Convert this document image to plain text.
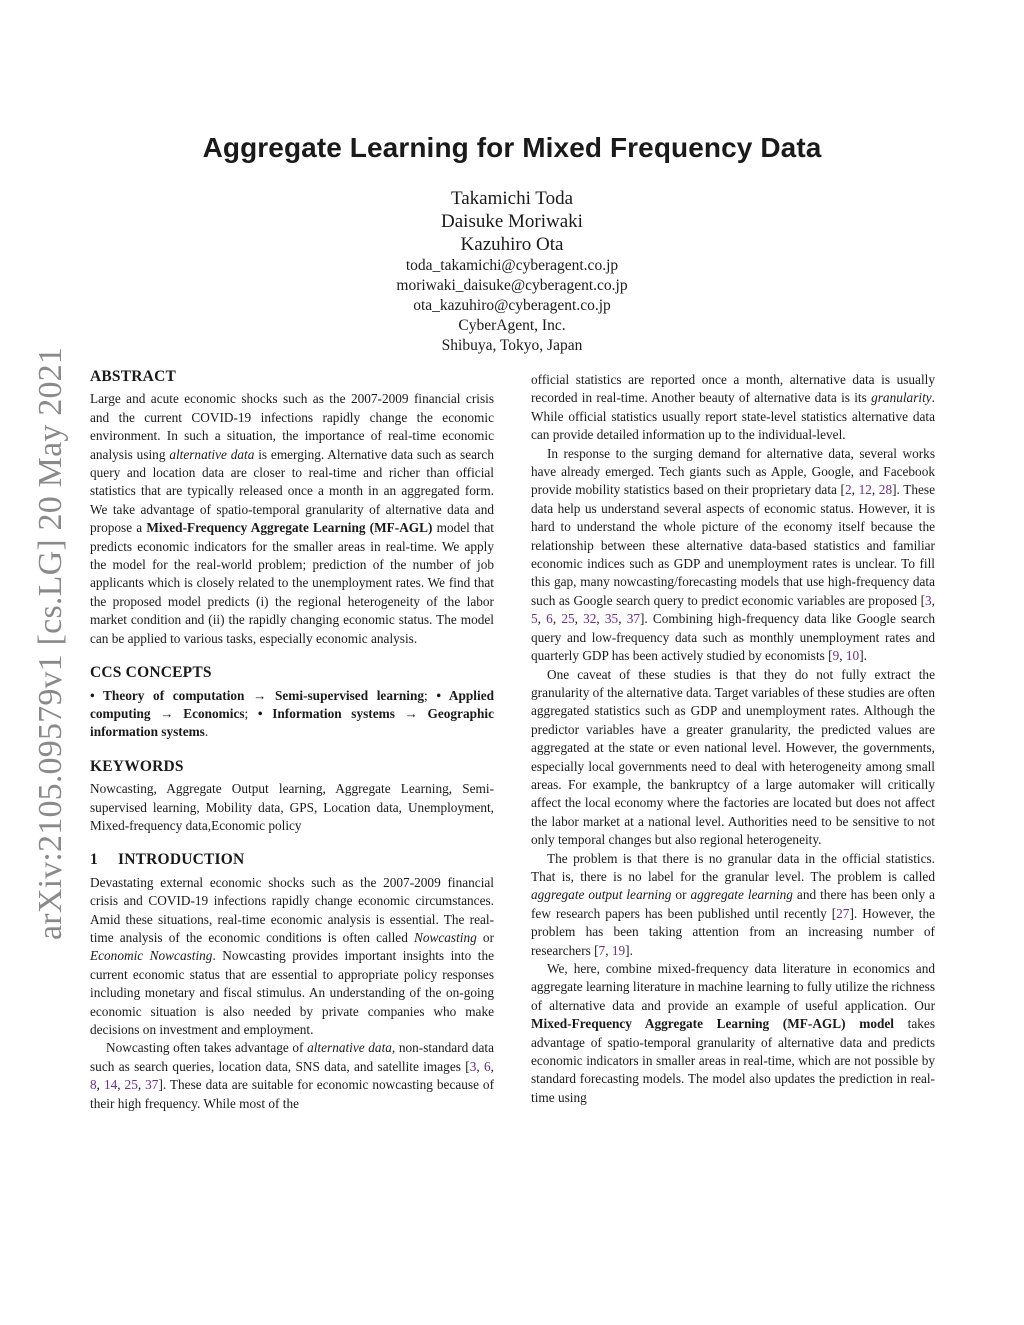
arXiv:2105.09579v1 [cs.LG] 20 May 2021
Aggregate Learning for Mixed Frequency Data
Takamichi Toda
Daisuke Moriwaki
Kazuhiro Ota
toda_takamichi@cyberagent.co.jp
moriwaki_daisuke@cyberagent.co.jp
ota_kazuhiro@cyberagent.co.jp
CyberAgent, Inc.
Shibuya, Tokyo, Japan
ABSTRACT

Large and acute economic shocks such as the 2007-2009 financial crisis and the current COVID-19 infections rapidly change the economic environment. In such a situation, the importance of real-time economic analysis using alternative data is emerging. Alternative data such as search query and location data are closer to real-time and richer than official statistics that are typically released once a month in an aggregated form. We take advantage of spatio-temporal granularity of alternative data and propose a Mixed-Frequency Aggregate Learning (MF-AGL) model that predicts economic indicators for the smaller areas in real-time. We apply the model for the real-world problem; prediction of the number of job applicants which is closely related to the unemployment rates. We find that the proposed model predicts (i) the regional heterogeneity of the labor market condition and (ii) the rapidly changing economic status. The model can be applied to various tasks, especially economic analysis.

CCS CONCEPTS

• Theory of computation → Semi-supervised learning; • Applied computing → Economics; • Information systems → Geographic information systems.

KEYWORDS

Nowcasting, Aggregate Output learning, Aggregate Learning, Semi-supervised learning, Mobility data, GPS, Location data, Unemployment, Mixed-frequency data,Economic policy

1 INTRODUCTION

Devastating external economic shocks such as the 2007-2009 financial crisis and COVID-19 infections rapidly change economic circumstances. Amid these situations, real-time economic analysis is essential. The real-time analysis of the economic conditions is often called Nowcasting or Economic Nowcasting. Nowcasting provides important insights into the current economic status that are essential to appropriate policy responses including monetary and fiscal stimulus. An understanding of the on-going economic situation is also needed by private companies who make decisions on investment and employment.

Nowcasting often takes advantage of alternative data, non-standard data such as search queries, location data, SNS data, and satellite images [3, 6, 8, 14, 25, 37]. These data are suitable for economic nowcasting because of their high frequency. While most of the

official statistics are reported once a month, alternative data is usually recorded in real-time. Another beauty of alternative data is its granularity. While official statistics usually report state-level statistics alternative data can provide detailed information up to the individual-level.

In response to the surging demand for alternative data, several works have already emerged. Tech giants such as Apple, Google, and Facebook provide mobility statistics based on their proprietary data [2, 12, 28]. These data help us understand several aspects of economic status. However, it is hard to understand the whole picture of the economy itself because the relationship between these alternative data-based statistics and familiar economic indices such as GDP and unemployment rates is unclear. To fill this gap, many nowcasting/forecasting models that use high-frequency data such as Google search query to predict economic variables are proposed [3, 5, 6, 25, 32, 35, 37]. Combining high-frequency data like Google search query and low-frequency data such as monthly unemployment rates and quarterly GDP has been actively studied by economists [9, 10].

One caveat of these studies is that they do not fully extract the granularity of the alternative data. Target variables of these studies are often aggregated statistics such as GDP and unemployment rates. Although the predictor variables have a greater granularity, the predicted values are aggregated at the state or even national level. However, the governments, especially local governments need to deal with heterogeneity among small areas. For example, the bankruptcy of a large automaker will critically affect the local economy where the factories are located but does not affect the labor market at a national level. Authorities need to be sensitive to not only temporal changes but also regional heterogeneity.

The problem is that there is no granular data in the official statistics. That is, there is no label for the granular level. The problem is called aggregate output learning or aggregate learning and there has been only a few research papers has been published until recently [27]. However, the problem has been taking attention from an increasing number of researchers [7, 19].

We, here, combine mixed-frequency data literature in economics and aggregate learning literature in machine learning to fully utilize the richness of alternative data and provide an example of useful application. Our Mixed-Frequency Aggregate Learning (MF-AGL) model takes advantage of spatio-temporal granularity of alternative data and predicts economic indicators in smaller areas in real-time, which are not possible by standard forecasting models. The model also updates the prediction in real-time using
